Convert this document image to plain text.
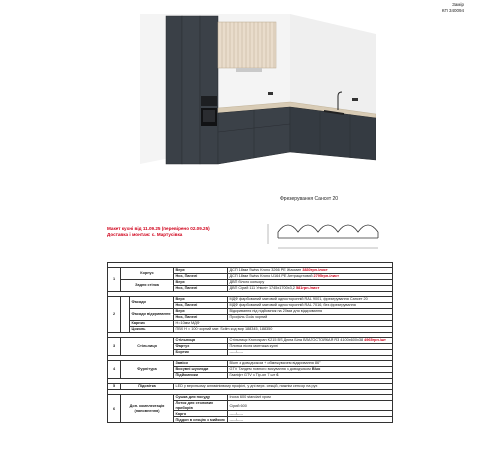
Замір
КП 340094
Фрезерування Сансет 20
Макет кухні від 11.09.25 (перевірено 02.09.25)
Доставка і монтаж: с. Мартусівка

1	Корпус		Верх	ДСП 18мм Swiss Krono 3266 PE Жасмин 3830грн./лист
			Низ, Панелі	ДСП 18мм Swiss Krono U164 PE Антрацитовий 2795грн./лист
	Задня стінка		Верх	ДВП білого кольору
			Низ, Панелі	ДВП Сірий 111 Унікліт 1745х1700х3,2 581грн./лист

2		Фасади	Верх	МДФ фарбований матовий односторонній RAL 9001, фрезерування Сансет 20
			Низ, Панелі	МДФ фарбований матовий односторонній RAL 7016, без фрезерування
		Фасади відкривання	Верх	Відкривання під підйомник на 20мм для відкривання
			Низ, Панелі	Профіль Gola чорний
		Карниз	Н=10мм МДФ	
		Цоколь	ПВХ Н = 100 чорний мат. Scilm код вир 188345, 188350	

3	Стільниця		Стільниця	Стільниця Кronospan K215 BS Дюна Біла ВЛАГОСТОЙКАЯ R3 4100х600х38 4965грн./шт
			Фартух	Плитка після монтажа кухні
			Бортик	-----/-----

4	Фурнітура		Завіси	Blum з доводчиком + обмежувачем відкривання 86°
			Висувні шухляди	GTV Тандем повного висування з доводчиком Bluo
			Підйомники	Газліфт GTV з Tip-on 7 шт 6

5	Підсвітка		LED у верхньому алюмінієвому профілі, у дні верх. секцій, нижнім сенсор на рух	

6	Доп. комплектація (наповнення)		Сушка для посуду	Inoxa 600 standart хром
			Лоток для столових приборів	Сірий 600
			Карго	-----/-----
			Піддон в секцію з мийкою	-----/-----
